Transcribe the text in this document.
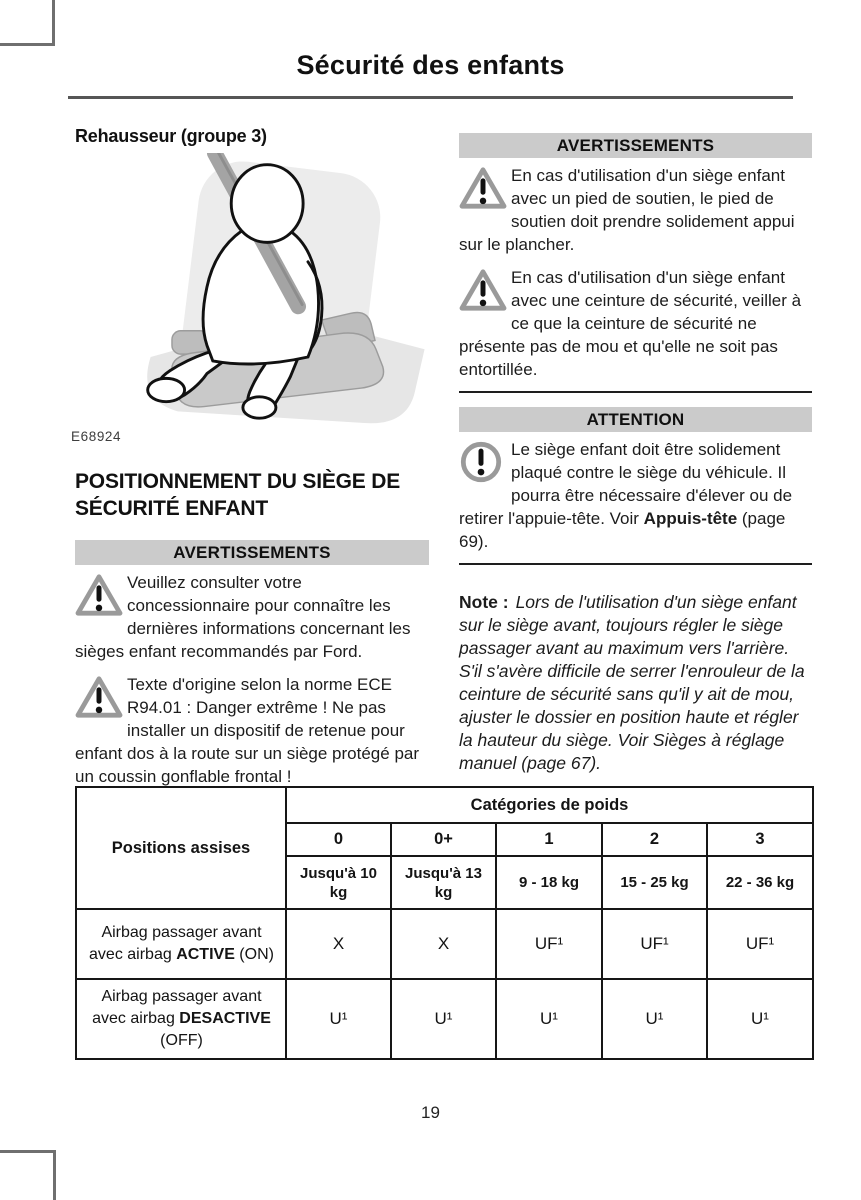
Sécurité des enfants
Rehausseur (groupe 3)
E68924
POSITIONNEMENT DU SIÈGE DE SÉCURITÉ ENFANT
AVERTISSEMENTS

Veuillez consulter votre concessionnaire pour connaître les dernières informations concernant les sièges enfant recommandés par Ford.

Texte d'origine selon la norme ECE R94.01 : Danger extrême ! Ne pas installer un dispositif de retenue pour enfant dos à la route sur un siège protégé par un coussin gonflable frontal !

AVERTISSEMENTS

En cas d'utilisation d'un siège enfant avec un pied de soutien, le pied de soutien doit prendre solidement appui sur le plancher.

En cas d'utilisation d'un siège enfant avec une ceinture de sécurité, veiller à ce que la ceinture de sécurité ne présente pas de mou et qu'elle ne soit pas entortillée.

ATTENTION

Le siège enfant doit être solidement plaqué contre le siège du véhicule. Il pourra être nécessaire d'élever ou de retirer l'appuie-tête. Voir Appuis-tête (page 69).

Note : Lors de l'utilisation d'un siège enfant sur le siège avant, toujours régler le siège passager avant au maximum vers l'arrière. S'il s'avère difficile de serrer l'enrouleur de la ceinture de sécurité sans qu'il y ait de mou, ajuster le dossier en position haute et régler la hauteur du siège. Voir Sièges à réglage manuel (page 67).

Positions assises	Catégories de poids				
	0	0+	1	2	3
	Jusqu'à 10 kg	Jusqu'à 13 kg	9 - 18 kg	15 - 25 kg	22 - 36 kg
Airbag passager avant avec airbag ACTIVE (ON)	X	X	UF¹	UF¹	UF¹
Airbag passager avant avec airbag DESACTIVE (OFF)	U¹	U¹	U¹	U¹	U¹
19
